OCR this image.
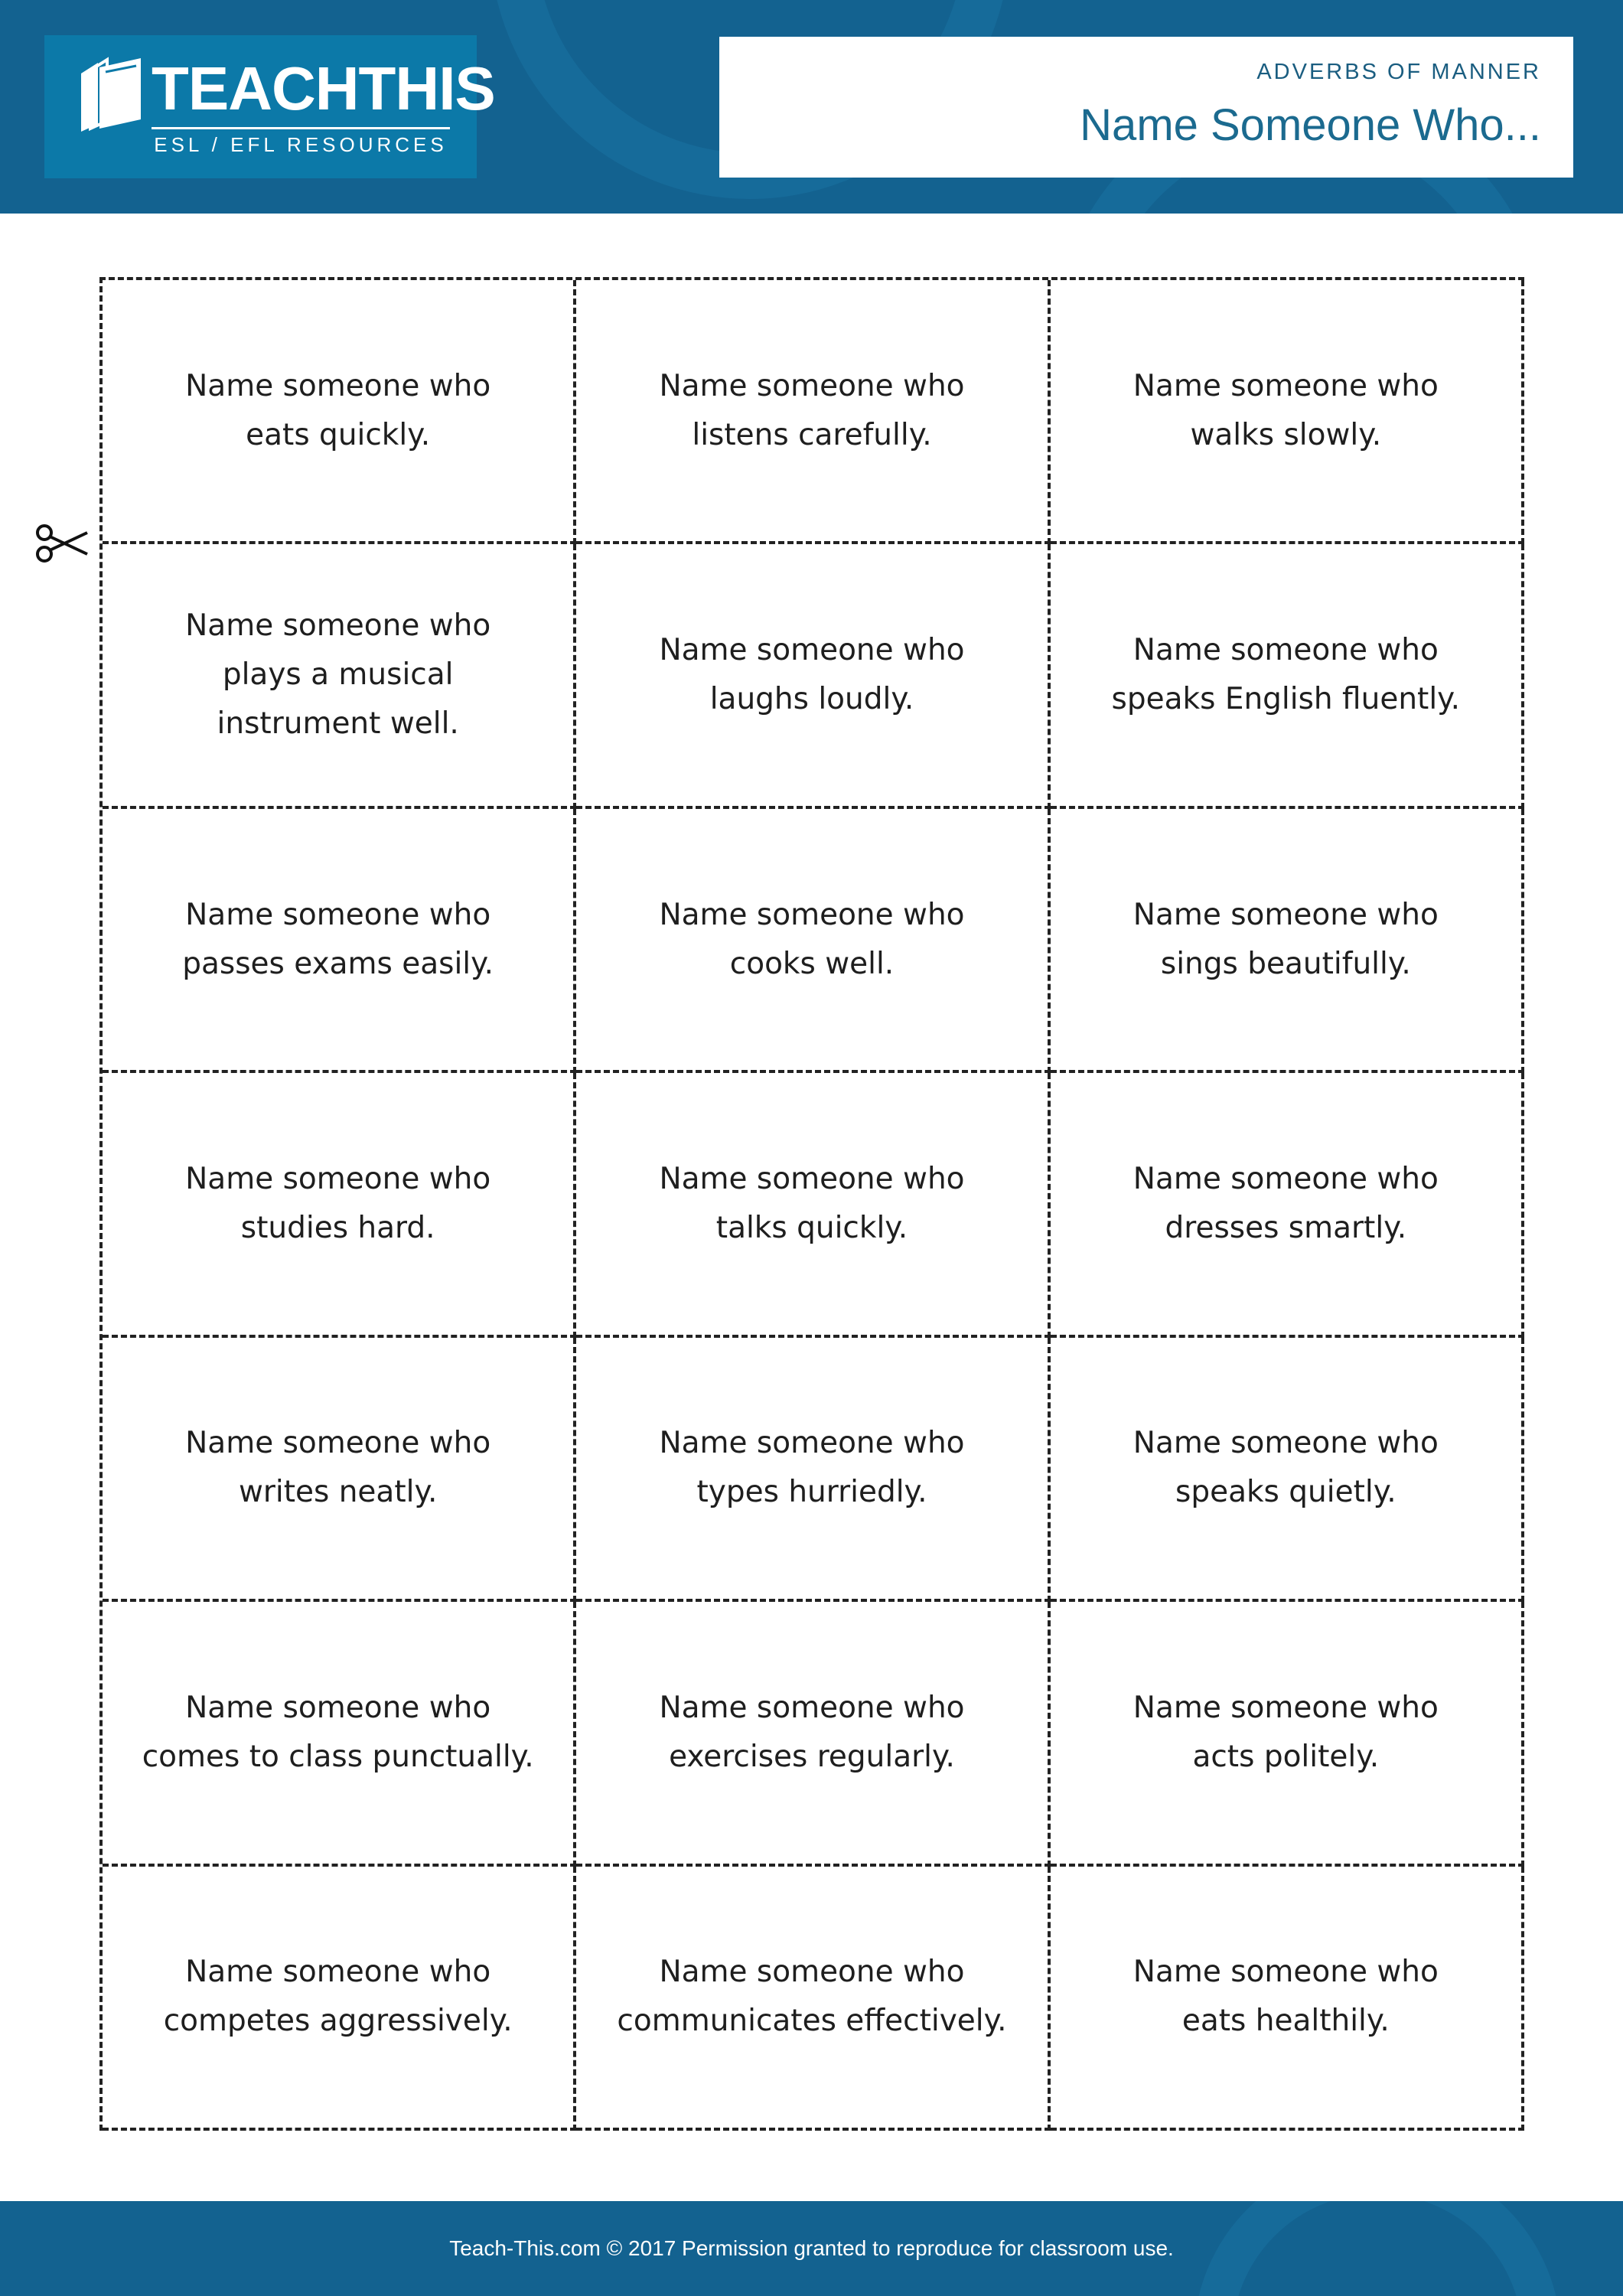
TEACHTHIS
ESL / EFL RESOURCES
ADVERBS OF MANNER
Name Someone Who...
Name someone who
eats quickly.
Name someone who
listens carefully.
Name someone who
walks slowly.
Name someone who
plays a musical
instrument well.
Name someone who
laughs loudly.
Name someone who
speaks English fluently.
Name someone who
passes exams easily.
Name someone who
cooks well.
Name someone who
sings beautifully.
Name someone who
studies hard.
Name someone who
talks quickly.
Name someone who
dresses smartly.
Name someone who
writes neatly.
Name someone who
types hurriedly.
Name someone who
speaks quietly.
Name someone who
comes to class punctually.
Name someone who
exercises regularly.
Name someone who
acts politely.
Name someone who
competes aggressively.
Name someone who
communicates effectively.
Name someone who
eats healthily.
Teach-This.com © 2017 Permission granted to reproduce for classroom use.
